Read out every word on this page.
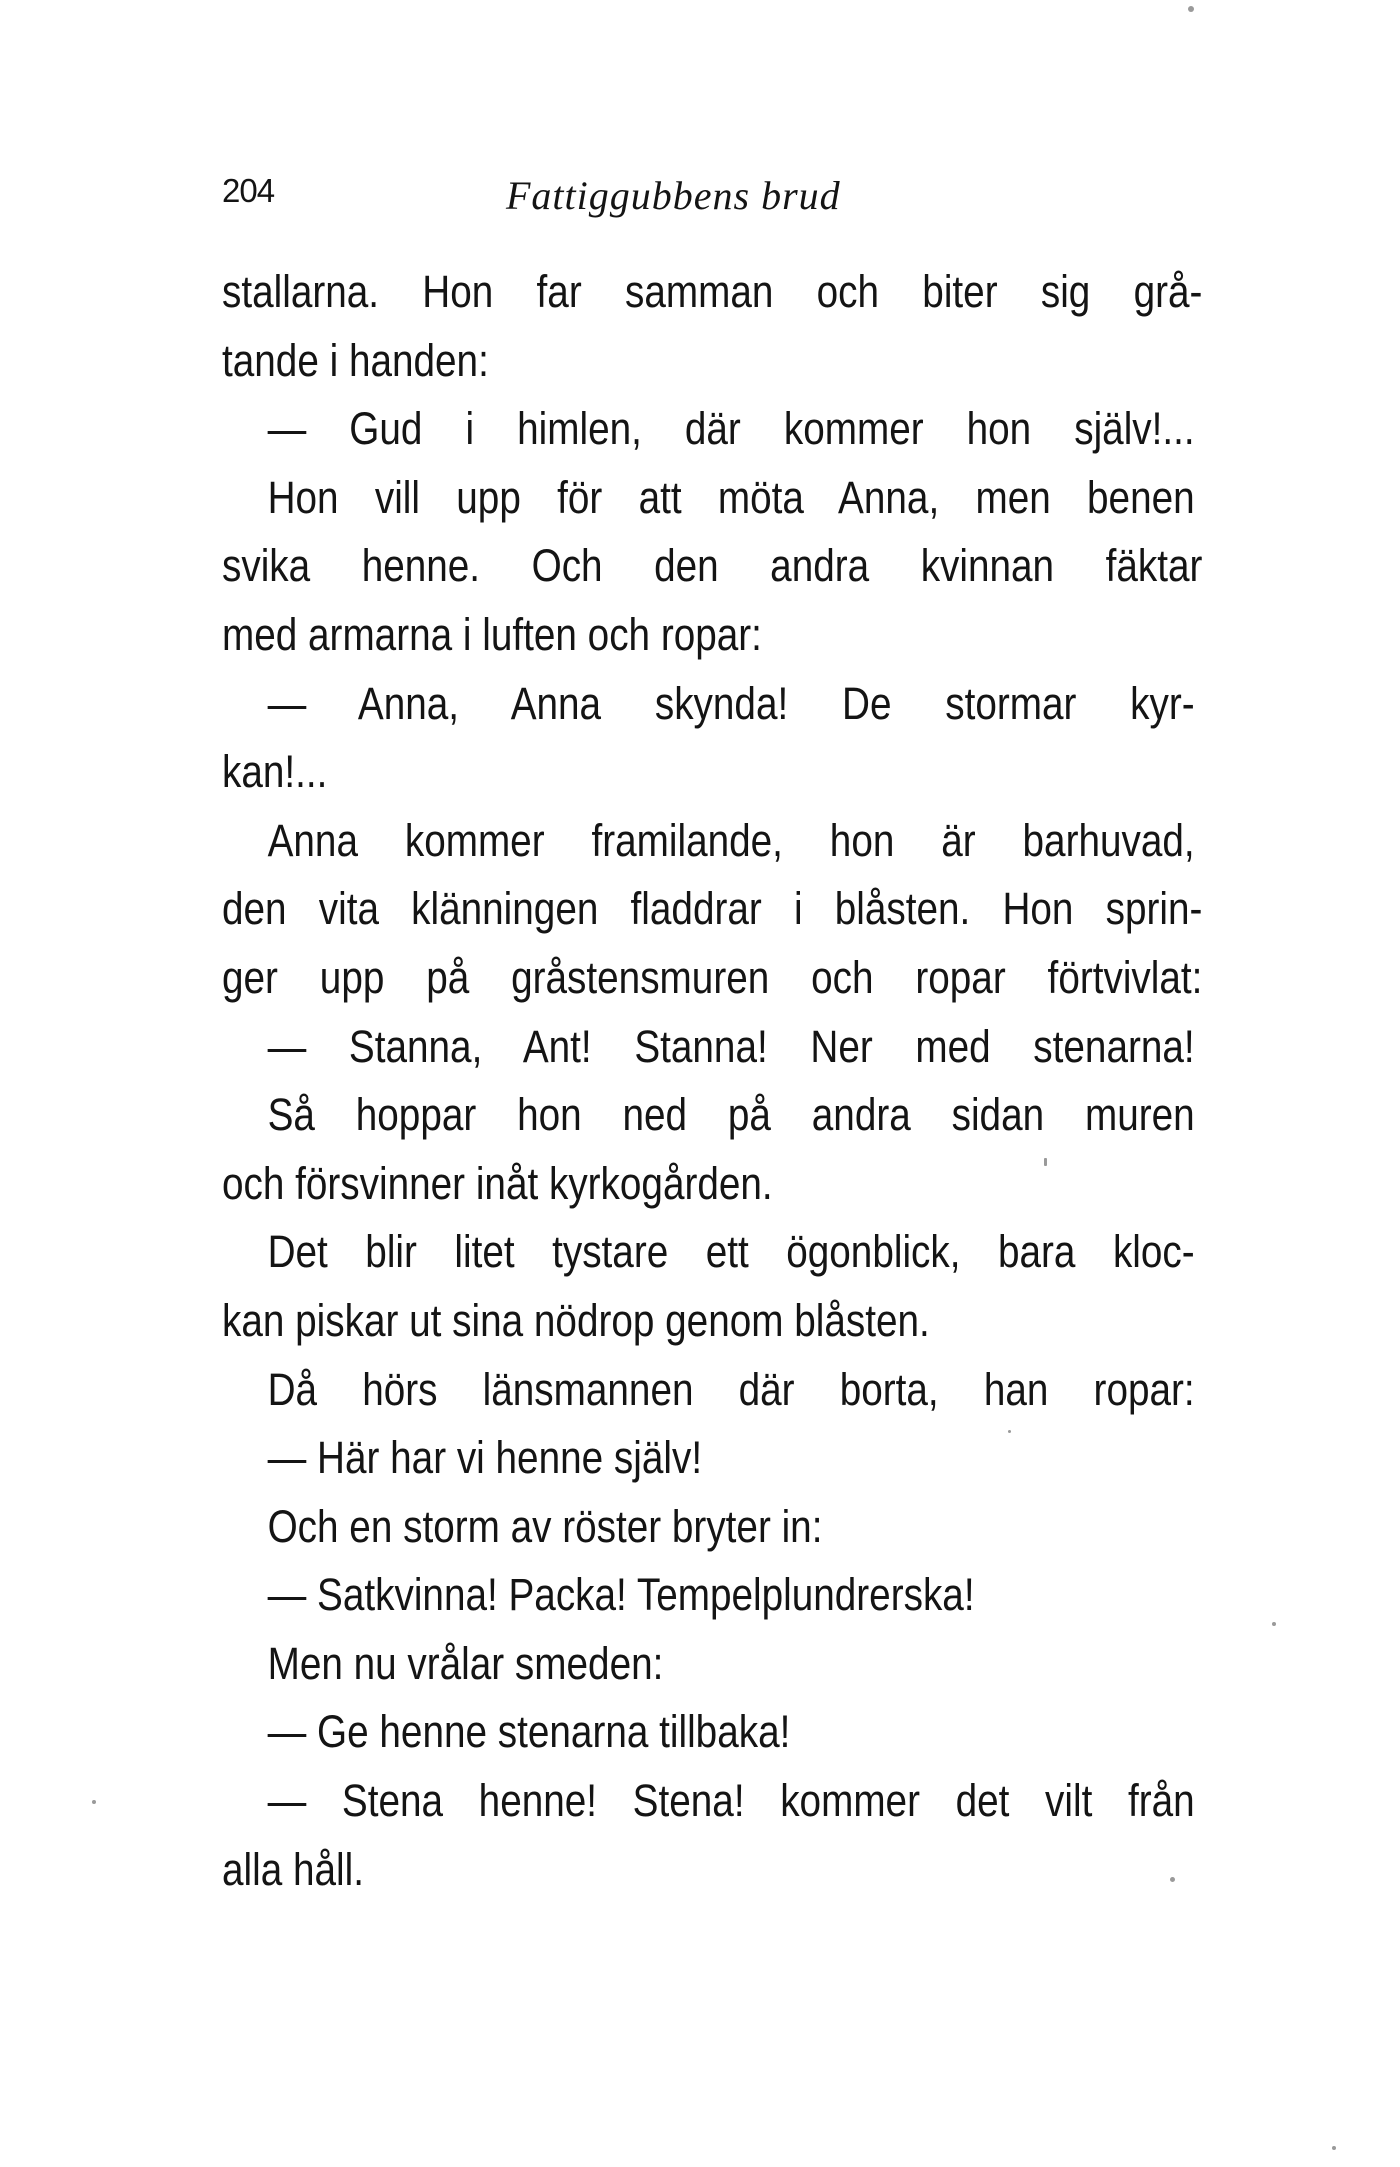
204	Fattiggubbens brud
stallarna. Hon far samman och biter sig grå-
tande i handen:
— Gud i himlen, där kommer hon själv!...
Hon vill upp för att möta Anna, men benen
svika henne. Och den andra kvinnan fäktar
med armarna i luften och ropar:
— Anna, Anna skynda! De stormar kyr-
kan!...
Anna kommer framilande, hon är barhuvad,
den vita klänningen fladdrar i blåsten. Hon sprin-
ger upp på gråstensmuren och ropar förtvivlat:
— Stanna, Ant! Stanna! Ner med stenarna!
Så hoppar hon ned på andra sidan muren
och försvinner inåt kyrkogården.
Det blir litet tystare ett ögonblick, bara kloc-
kan piskar ut sina nödrop genom blåsten.
Då hörs länsmannen där borta, han ropar:
— Här har vi henne själv!
Och en storm av röster bryter in:
— Satkvinna! Packa! Tempelplundrerska!
Men nu vrålar smeden:
— Ge henne stenarna tillbaka!
— Stena henne! Stena! kommer det vilt från
alla håll.
